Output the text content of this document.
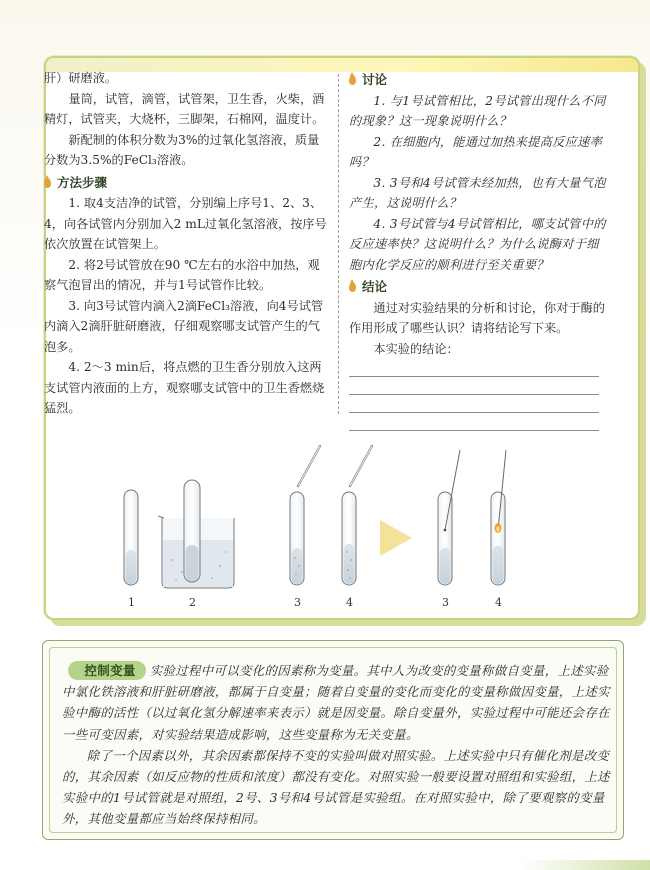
肝）研磨液。

量筒，试管，滴管，试管架，卫生香，火柴，酒精灯，试管夹，大烧杯，三脚架，石棉网，温度计。

新配制的体积分数为3%的过氧化氢溶液，质量分数为3.5%的FeCl₃溶液。

方法步骤

1. 取4支洁净的试管，分别编上序号1、2、3、4，向各试管内分别加入2 mL过氧化氢溶液，按序号依次放置在试管架上。

2. 将2号试管放在90 ℃左右的水浴中加热，观察气泡冒出的情况，并与1号试管作比较。

3. 向3号试管内滴入2滴FeCl₃溶液，向4号试管内滴入2滴肝脏研磨液，仔细观察哪支试管产生的气泡多。

4. 2～3 min后，将点燃的卫生香分别放入这两支试管内液面的上方，观察哪支试管中的卫生香燃烧猛烈。

讨论

1. 与1号试管相比，2号试管出现什么不同的现象？这一现象说明什么？

2. 在细胞内，能通过加热来提高反应速率吗？

3. 3号和4号试管未经加热，也有大量气泡产生，这说明什么？

4. 3号试管与4号试管相比，哪支试管中的反应速率快？这说明什么？为什么说酶对于细胞内化学反应的顺利进行至关重要？

结论

通过对实验结果的分析和讨论，你对于酶的作用形成了哪些认识？请将结论写下来。

本实验的结论：

1	2	3	4	3	4

控制变量 实验过程中可以变化的因素称为变量。其中人为改变的变量称做自变量，上述实验中氯化铁溶液和肝脏研磨液，都属于自变量；随着自变量的变化而变化的变量称做因变量，上述实验中酶的活性（以过氧化氢分解速率来表示）就是因变量。除自变量外，实验过程中可能还会存在一些可变因素，对实验结果造成影响，这些变量称为无关变量。

除了一个因素以外，其余因素都保持不变的实验叫做对照实验。上述实验中只有催化剂是改变的，其余因素（如反应物的性质和浓度）都没有变化。对照实验一般要设置对照组和实验组，上述实验中的1号试管就是对照组，2号、3号和4号试管是实验组。在对照实验中，除了要观察的变量外，其他变量都应当始终保持相同。
